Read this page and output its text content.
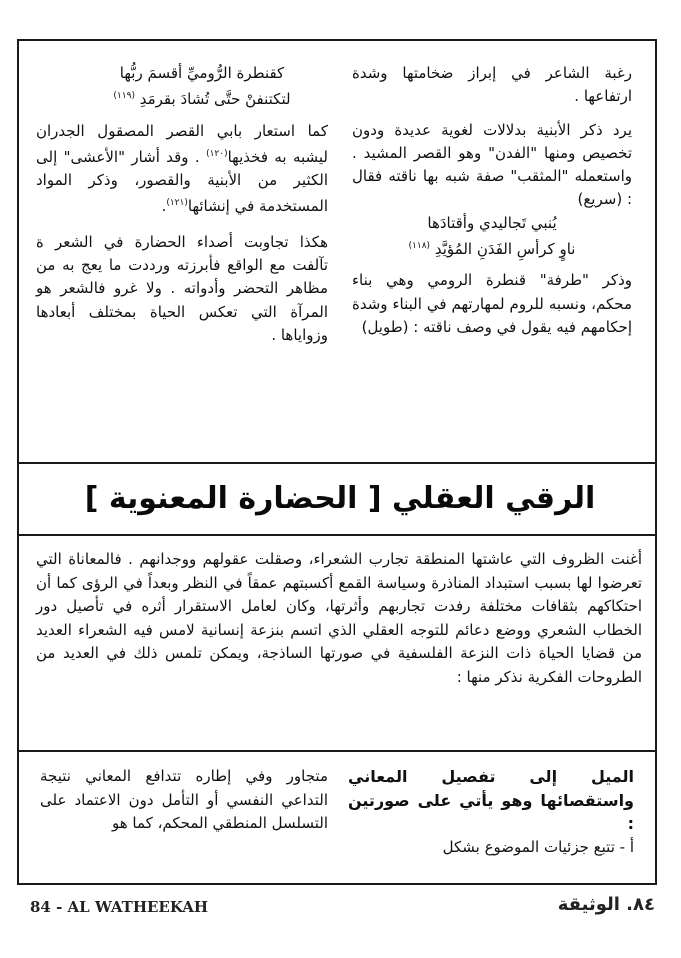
رغبة الشاعر في إبراز ضخامتها وشدة ارتفاعها .

يرد ذكر الأبنية بدلالات لغوية عديدة ودون تخصيص ومنها "الفدن" وهو القصر المشيد . واستعمله "المثقب" صفة شبه بها ناقته فقال : (سريع)

يُنبي تَجاليدي وأقتادَها

ناوٍ كرأسِ الفَدَنِ المُؤيَّدِ $^{(١١٨)}$

وذكر "طرفة" قنطرة الرومي وهي بناء محكم، ونسبه للروم لمهارتهم في البناء وشدة إحكامهم فيه يقول في وصف ناقته : (طويل)

كقنطرة الرُّوميِّ أقسمَ ربُّها

لتكتنفنْ حتَّى تُشادَ بقرمَدِ $^{(١١٩)}$

كما استعار بابي القصر المصقول الجدران ليشبه به فخذيها$^{(١٢٠)}$ . وقد أشار "الأعشى" إلى الكثير من الأبنية والقصور، وذكر المواد المستخدمة في إنشائها$^{(١٢١)}$.

هكذا تجاوبت أصداء الحضارة في الشعر ة تآلفت مع الواقع فأبرزته ورددت ما يعج به من مظاهر التحضر وأدواته . ولا غرو فالشعر هو المرآة التي تعكس الحياة بمختلف أبعادها وزواياها .

الرقي العقلي [ الحضارة المعنوية ]

أغنت الظروف التي عاشتها المنطقة تجارب الشعراء، وصقلت عقولهم ووجدانهم . فالمعاناة التي تعرضوا لها بسبب استبداد المناذرة وسياسة القمع أكسبتهم عمقاً في النظر وبعداً في الرؤى كما أن احتكاكهم بثقافات مختلفة رفدت تجاربهم وأثرتها، وكان لعامل الاستقرار أثره في تأصيل دور الخطاب الشعري ووضع دعائم للتوجه العقلي الذي اتسم بنزعة إنسانية لامس فيه الشعراء العديد من قضايا الحياة ذات النزعة الفلسفية في صورتها الساذجة، ويمكن تلمس ذلك في العديد من الطروحات الفكرية نذكر منها :

الميل إلى تفصيل المعاني واستقصائها وهو يأتي على صورتين :

أ - تتبع جزئيات الموضوع بشكل

متجاور وفي إطاره تتدافع المعاني نتيجة التداعي النفسي أو التأمل دون الاعتماد على التسلسل المنطقي المحكم، كما هو

84 - AL WATHEEKAH	٨٤. الوثيقة
